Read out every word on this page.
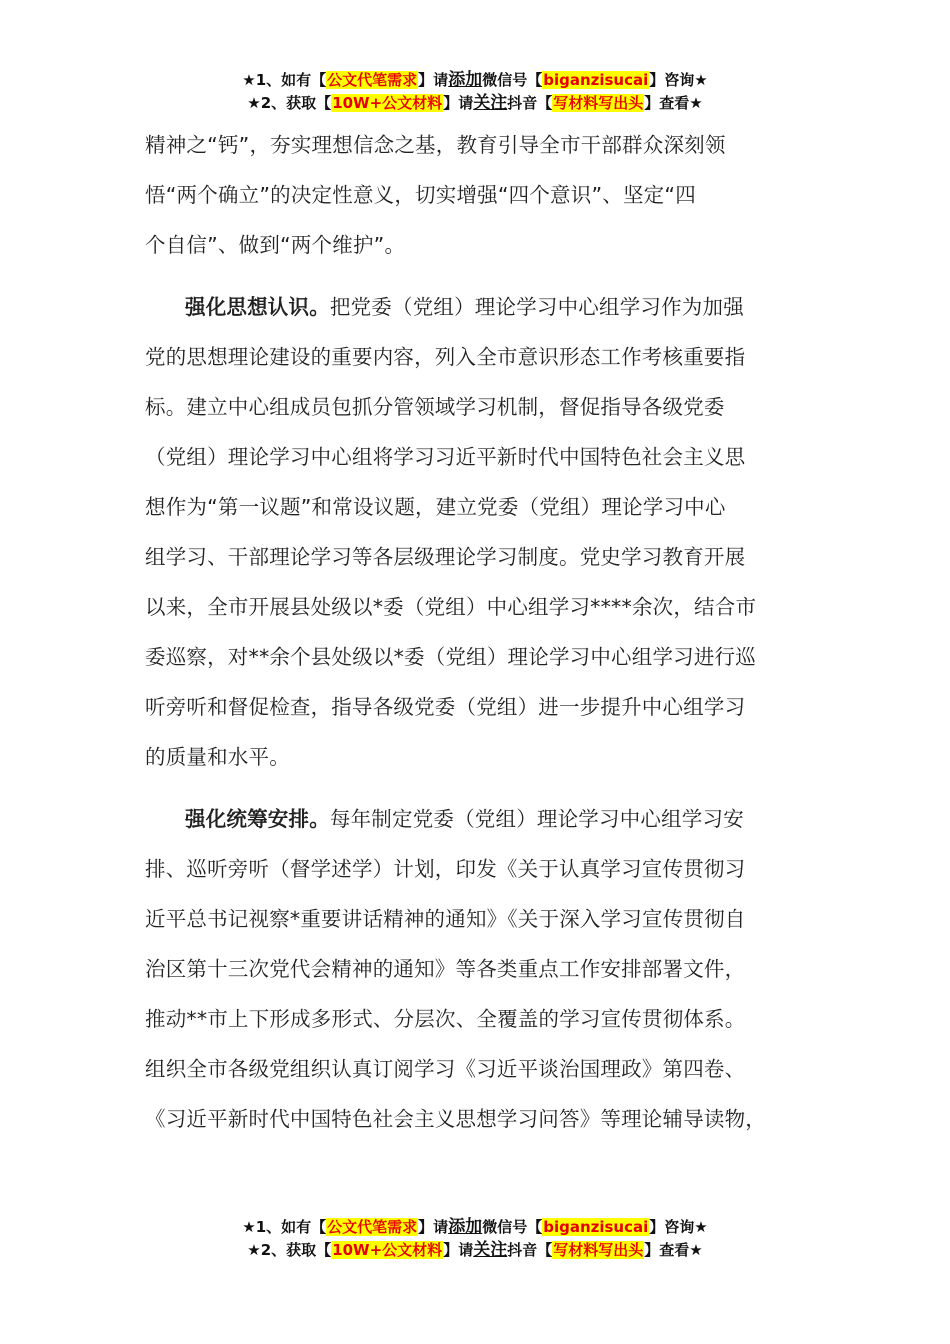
★1、如有【公文代笔需求】请添加微信号【biganzisucai】咨询★
★2、获取【10W+公文材料】请关注抖音【写材料写出头】查看★
精神之“钙”，夯实理想信念之基，教育引导全市干部群众深刻领
悟“两个确立”的决定性意义，切实增强“四个意识”、坚定“四
个自信”、做到“两个维护”。
强化思想认识。把党委（党组）理论学习中心组学习作为加强
党的思想理论建设的重要内容，列入全市意识形态工作考核重要指
标。建立中心组成员包抓分管领域学习机制，督促指导各级党委
（党组）理论学习中心组将学习习近平新时代中国特色社会主义思
想作为“第一议题”和常设议题，建立党委（党组）理论学习中心
组学习、干部理论学习等各层级理论学习制度。党史学习教育开展
以来，全市开展县处级以*委（党组）中心组学习****余次，结合市
委巡察，对**余个县处级以*委（党组）理论学习中心组学习进行巡
听旁听和督促检查，指导各级党委（党组）进一步提升中心组学习
的质量和水平。
强化统筹安排。每年制定党委（党组）理论学习中心组学习安
排、巡听旁听（督学述学）计划，印发《关于认真学习宣传贯彻习
近平总书记视察*重要讲话精神的通知》《关于深入学习宣传贯彻自
治区第十三次党代会精神的通知》等各类重点工作安排部署文件，
推动**市上下形成多形式、分层次、全覆盖的学习宣传贯彻体系。
组织全市各级党组织认真订阅学习《习近平谈治国理政》第四卷、
《习近平新时代中国特色社会主义思想学习问答》等理论辅导读物，
★1、如有【公文代笔需求】请添加微信号【biganzisucai】咨询★
★2、获取【10W+公文材料】请关注抖音【写材料写出头】查看★
